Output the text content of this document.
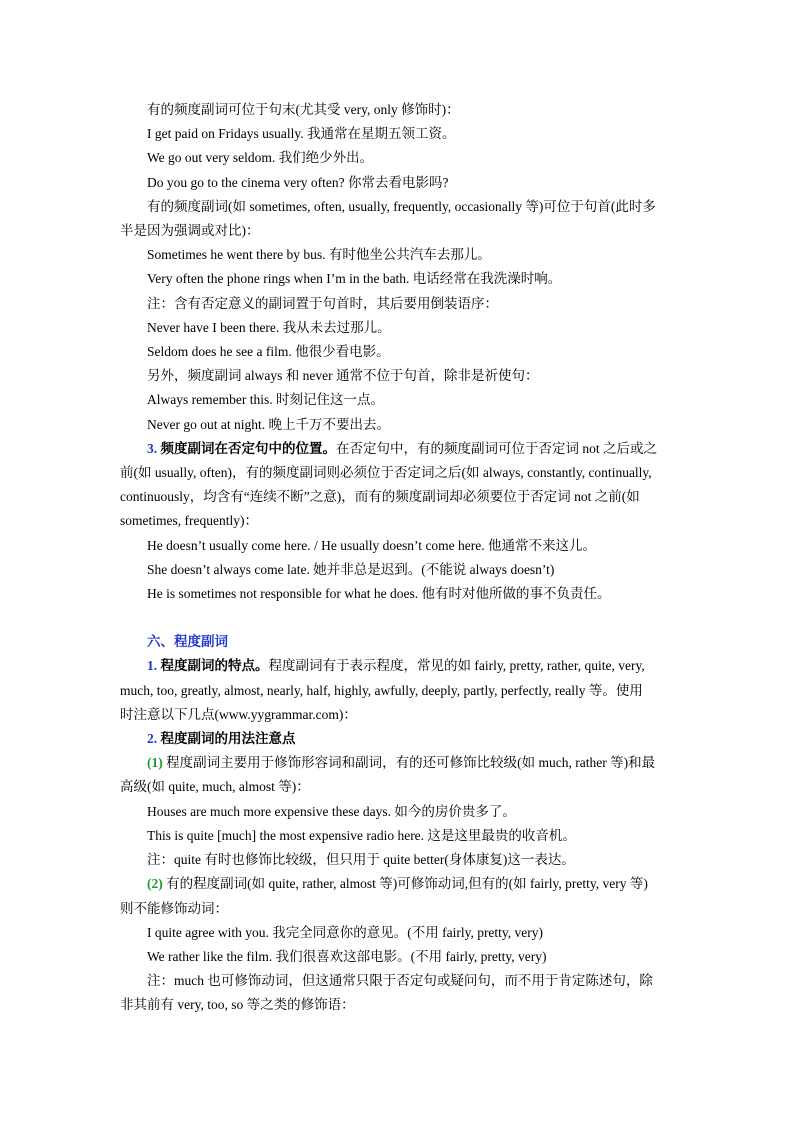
有的频度副词可位于句末(尤其受 very, only 修饰时)：
I get paid on Fridays usually. 我通常在星期五领工资。
We go out very seldom. 我们绝少外出。
Do you go to the cinema very often? 你常去看电影吗?
有的频度副词(如 sometimes, often, usually, frequently, occasionally 等)可位于句首(此时多
半是因为强调或对比)：
Sometimes he went there by bus. 有时他坐公共汽车去那儿。
Very often the phone rings when I’m in the bath. 电话经常在我洗澡时响。
注：含有否定意义的副词置于句首时，其后要用倒装语序：
Never have I been there. 我从未去过那儿。
Seldom does he see a film. 他很少看电影。
另外，频度副词 always 和 never 通常不位于句首，除非是祈使句：
Always remember this. 时刻记住这一点。
Never go out at night. 晚上千万不要出去。
3. 频度副词在否定句中的位置。在否定句中，有的频度副词可位于否定词 not 之后或之
前(如 usually, often)，有的频度副词则必须位于否定词之后(如 always, constantly, continually,
continuously，均含有“连续不断”之意)，而有的频度副词却必须要位于否定词 not 之前(如
sometimes, frequently)：
He doesn’t usually come here. / He usually doesn’t come here. 他通常不来这儿。
She doesn’t always come late. 她并非总是迟到。(不能说 always doesn’t)
He is sometimes not responsible for what he does. 他有时对他所做的事不负责任。
六、程度副词
1. 程度副词的特点。程度副词有于表示程度，常见的如 fairly, pretty, rather, quite, very,
much, too, greatly, almost, nearly, half, highly, awfully, deeply, partly, perfectly, really 等。使用
时注意以下几点(www.yygrammar.com)：
2. 程度副词的用法注意点
(1) 程度副词主要用于修饰形容词和副词，有的还可修饰比较级(如 much, rather 等)和最
高级(如 quite, much, almost 等)：
Houses are much more expensive these days. 如今的房价贵多了。
This is quite [much] the most expensive radio here. 这是这里最贵的收音机。
注：quite 有时也修饰比较级，但只用于 quite better(身体康复)这一表达。
(2) 有的程度副词(如 quite, rather, almost 等)可修饰动词,但有的(如 fairly, pretty, very 等)
则不能修饰动词：
I quite agree with you. 我完全同意你的意见。(不用 fairly, pretty, very)
We rather like the film. 我们很喜欢这部电影。(不用 fairly, pretty, very)
注：much 也可修饰动词，但这通常只限于否定句或疑问句，而不用于肯定陈述句，除
非其前有 very, too, so 等之类的修饰语：
